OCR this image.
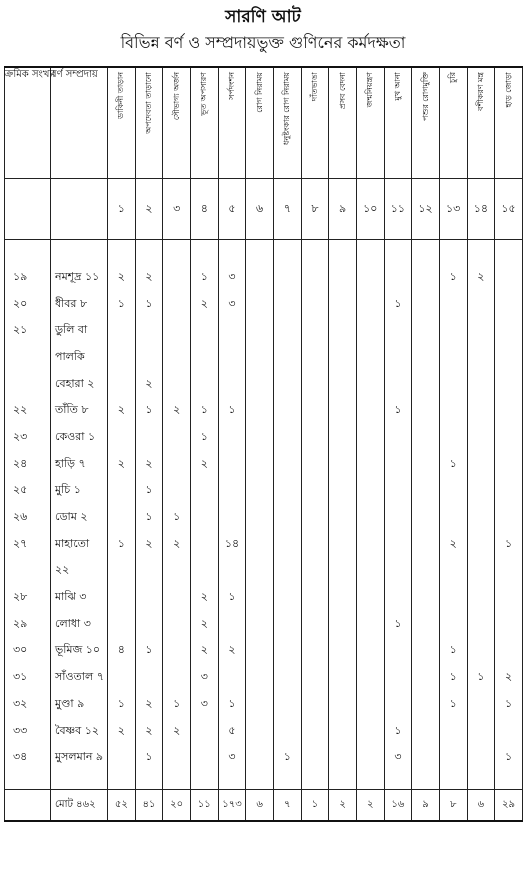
সারণি আট
বিভিন্ন বর্ণ ও সম্প্রদায়ভুক্ত গুণিনের কর্মদক্ষতা
ক্রমিক সংখ্যা	বর্ণ সম্প্রদায়	ডাকিনী তাড়ান	অপদেবতা তাড়ানো	সৌভাগ্য অর্জন	ভূত অপসারণ	সর্পদংশন	রোগ নিরাময়	ধনুষ্টংকার রোগ নিরাময়	দাঁতভাঙা	প্রসব বেদনা	জন্মনিয়ন্ত্রণ	মুখ আনা	পশুর রোগমুক্তি	চুরি	বশীকরণ মন্ত্র	হাড় জোড়া

		১	২	৩	৪	৫	৬	৭	৮	৯	১০	১১	১২	১৩	১৪	১৫

১৯	নমশূদ্র ১১	২	২		১	৩								১	২	
২০	ধীবর ৮	১	১		২	৩						১				
২১	ডুলি বা															
	পালকি															
	বেহারা ২		২													
২২	তাঁতি ৮	২	১	২	১	১						১				
২৩	কেওরা ১				১											
২৪	হাড়ি ৭	২	২		২									১		
২৫	মুচি ১		১													
২৬	ডোম ২		১	১												
২৭	মাহাতো	১	২	২		১৪								২		১
	২২															
২৮	মাঝি ৩				২	১										
২৯	লোধা ৩				২							১				
৩০	ভূমিজ ১০	৪	১		২	২								১		
৩১	সাঁওতাল ৭				৩									১	১	২
৩২	মুণ্ডা ৯	১	২	১	৩	১								১		১
৩৩	বৈষ্ণব ১২	২	২	২		৫						১				
৩৪	মুসলমান ৯		১			৩		১				৩				১

	মোট ৪৬২	৫২	৪১	২০	১১	১৭৩	৬	৭	১	২	২	১৬	৯	৮	৬	২৯
